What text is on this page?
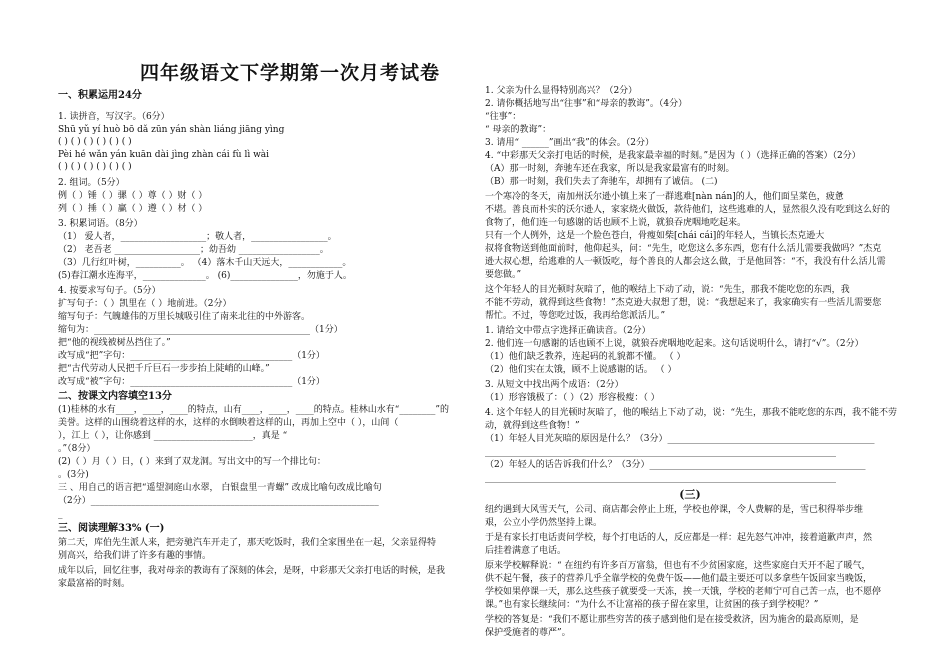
四年级语文下学期第一次月考试卷
一、积累运用24分
1. 读拼音，写汉字。（6分）
Shū yǔ yí huò bō dǎ zūn yán shàn liáng jiāng yìng
( ) ( ) ( ) ( ) ( ) ( )
Pèi hé wǎn yán kuān dài jìng zhàn cái fù lì wài
( ) ( ) ( ) ( ) ( ) ( )
2. 组词。（5分）
例（ ）锤（ ）骡（ ）尊（ ）财（ ）
列（ ）捶（ ）赢（ ）遵（ ）材（ ）
3. 积累词语。（8分）
（1） 爱人者，___________________；敬人者，_________________。
（2） 老吾老 ___________________；幼吾幼 __________________。
（3）几行红叶树，__________。 （4）落木千山天远大，____________。
(5)春江潮水连海平，______________。 (6)_______________，勿施于人。
4. 按要求写句子。（5分）
扩写句子：（ ）凯里在（ ）地前进。（2分）
缩写句子：气魄雄伟的万里长城吸引住了南来北往的中外游客。
缩句为：________________________________________________（1分）
把“他的视线被树丛挡住了。”
改写成“把”字句：____________________________________（1分）
把“古代劳动人民把千斤巨石一步步抬上陡峭的山峰。”
改写成“被”字句：____________________________________（1分）
二、按课文内容填空13分
(1)桂林的水有____，____，____的特点，山有____，____，____的特点。桂林山水有“________”的
美誉。这样的山围绕着这样的水，这样的水倒映着这样的山，再加上空中（ ），山间（
），江上（ ），让你感到 ______________________，真是 “
。”（8分）
(2)（ ）月（ ）日，( ）来到了双龙洞。写出文中的写一个排比句：
。(3分)
三 、用自己的语言把“遥望洞庭山水翠， 白银盘里一青螺” 改成比喻句改成比喻句
（2分）________________________________________________________________
_
三、阅读理解33% (一)
第二天，库伯先生派人来，把旁驰汽车开走了，那天吃饭时，我们全家围坐在一起，父亲显得特
别高兴，给我们讲了许多有趣的事情。
成年以后，回忆往事，我对母亲的教诲有了深刻的体会，是呀，中彩那天父亲打电话的时候，是我
家最富裕的时刻。
1. 父亲为什么显得特别高兴？（2分）
2. 请你概括地写出“往事”和“母亲的教诲”。（4分）
“往事”：
“ 母亲的教诲”：
3. 请用“ ______”画出“我”的体会。（2分）
4. “中彩那天父亲打电话的时候，是我家最幸福的时刻。”是因为（ ）（选择正确的答案）（2分）
（A）那一时刻，奔驰车还在我家，所以是我家最富有的时刻。
（B）那一时刻，我们失去了奔驰车，却拥有了诚信。 (二)
一个寒冷的冬天，南加州沃尔逊小镇上来了一群逃难[nàn nán]的人，他们面呈菜色，疲惫
不堪。善良而朴实的沃尔逊人，家家烧火做饭，款待他们，这些逃难的人，显然很久没有吃到这么好的
食物了，他们连一句感谢的话也顾不上说，就狼吞虎咽地吃起来。
只有一个人例外，这是一个脸色苍白，骨瘦如柴[chái cái]的年轻人，当镇长杰克逊大
叔将食物送到他面前时，他仰起头，问：“先生，吃您这么多东西，您有什么活儿需要我做吗？”杰克
逊大叔心想，给逃难的人一顿饭吃，每个善良的人都会这么做，于是他回答：“不，我没有什么活儿需
要您做。”
这个年轻人的目光顿时灰暗了，他的喉结上下动了动，说：“先生，那我不能吃您的东西，我
不能不劳动，就得到这些食物！”杰克逊大叔想了想，说：“我想起来了，我家确实有一些活儿需要您
帮忙。不过，等您吃过饭，我再给您派活儿。”
1. 请给文中带点字选择正确读音。（2分）
2. 他们连一句感谢的话也顾不上说，就狼吞虎咽地吃起来。这句话说明什么，请打“√”。（2分）
（1）他们缺乏教养，连起码的礼貌都不懂。 （ ）
（2）他们实在太饿，顾不上说感谢的话。 （ ）
3. 从短文中找出两个成语：（2分）
（1）形容饿极了：（ ）（2）形容极瘦：（ ）
4. 这个年轻人的目光顿时灰暗了，他的喉结上下动了动，说：“先生，那我不能吃您的东西，我不能不劳
动，就得到这些食物！”
（1）年轻人目光灰暗的原因是什么？（3分）______________________________________________
______________________________________________________________________________
（2）年轻人的话告诉我们什么？（3分）________________________________________________
______________________________________________________________________________
(三)
纽约遇到大风雪天气，公司、商店都会停止上班，学校也停课，令人费解的是，雪已积得举步维
艰，公立小学仍然坚持上课。
于是有家长打电话责问学校，每个打电话的人，反应都是一样：起先怒气冲冲，接着道歉声声，然
后挂着满意了电话。
原来学校解释说：“ 在纽约有许多百万富翁，但也有不少贫困家庭，这些家庭白天开不起了暖气，
供不起午餐，孩子的营养几乎全靠学校的免费午饭——他们最主要还可以多拿些午饭回家当晚饭，
学校如果停课一天，那么这些孩子就要受一天冻，挨一天饿，学校的老师宁可自己苦一点，也不愿停
课。”也有家长继续问：“为什么不让富裕的孩子留在家里，让贫困的孩子到学校呢？”
学校的答复是：“我们不愿让那些穷苦的孩子感到他们是在接受救济，因为施舍的最高原则，是
保护受施者的尊严”。
